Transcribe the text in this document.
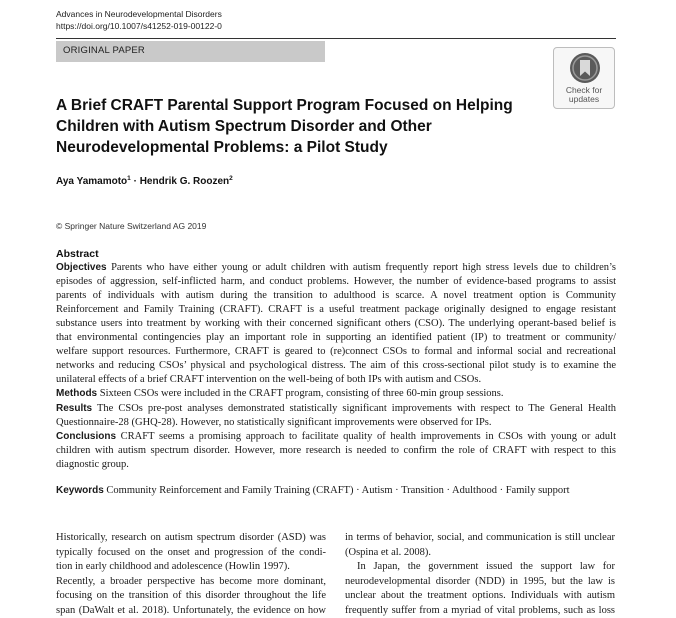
Advances in Neurodevelopmental Disorders
https://doi.org/10.1007/s41252-019-00122-0
ORIGINAL PAPER
Check for
updates
A Brief CRAFT Parental Support Program Focused on Helping
Children with Autism Spectrum Disorder and Other
Neurodevelopmental Problems: a Pilot Study
Aya Yamamoto$^1$ · Hendrik G. Roozen$^2$
© Springer Nature Switzerland AG 2019
Abstract
Objectives Parents who have either young or adult children with autism frequently report high stress levels due to children’s
episodes of aggression, self-inflicted harm, and conduct problems. However, the number of evidence-based programs to assist
parents of individuals with autism during the transition to adulthood is scarce. A novel treatment option is Community
Reinforcement and Family Training (CRAFT). CRAFT is a useful treatment package originally designed to engage resistant
substance users into treatment by working with their concerned significant others (CSO). The underlying operant-based belief is
that environmental contingencies play an important role in supporting an identified patient (IP) to treatment or community/
welfare support resources. Furthermore, CRAFT is geared to (re)connect CSOs to formal and informal social and recreational
networks and reducing CSOs’ physical and psychological distress. The aim of this cross-sectional pilot study is to examine the
unilateral effects of a brief CRAFT intervention on the well-being of both IPs with autism and CSOs.
Methods Sixteen CSOs were included in the CRAFT program, consisting of three 60-min group sessions.
Results The CSOs pre-post analyses demonstrated statistically significant improvements with respect to The General Health
Questionnaire-28 (GHQ-28). However, no statistically significant improvements were observed for IPs.
Conclusions CRAFT seems a promising approach to facilitate quality of health improvements in CSOs with young or adult
children with autism spectrum disorder. However, more research is needed to confirm the role of CRAFT with respect to this
diagnostic group.
Keywords Community Reinforcement and Family Training (CRAFT) · Autism · Transition · Adulthood · Family support
Historically, research on autism spectrum disorder (ASD) was
typically focused on the onset and progression of the condi-
tion in early childhood and adolescence (Howlin 1997).
Recently, a broader perspective has become more dominant,
focusing on the transition of this disorder throughout the life
span (DaWalt et al. 2018). Unfortunately, the evidence on how
in terms of behavior, social, and communication is still unclear
(Ospina et al. 2008).
In Japan, the government issued the support law for
neurodevelopmental disorder (NDD) in 1995, but the law is
unclear about the treatment options. Individuals with autism
frequently suffer from a myriad of vital problems, such as loss
